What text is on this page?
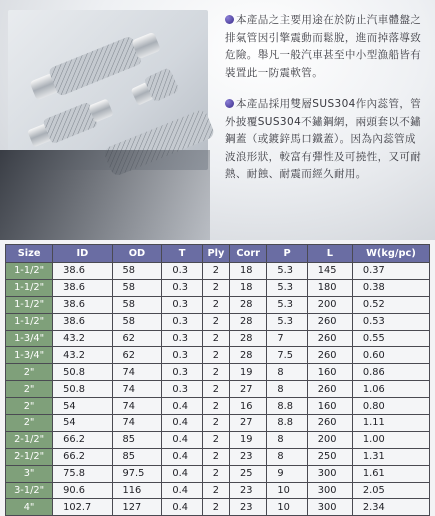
本產品之主要用途在於防止汽車體盤之排氣管因引擎震動而鬆脫，進而掉落導致危險。舉凡一般汽車甚至中小型漁船皆有裝置此一防震軟管。

本產品採用雙層SUS304作內蕊管，管外披覆SUS304不鏽鋼網，兩頭套以不鏽鋼蓋（或鍍鋅馬口鐵蓋）。因為內蕊管成波浪形狀，較富有彈性及可撓性，又可耐熱、耐蝕、耐震而經久耐用。

Size	ID	OD	T	Ply	Corr	P	L	W(kg/pc)
1-1/2"	38.6	58	0.3	2	18	5.3	145	0.37
1-1/2"	38.6	58	0.3	2	18	5.3	180	0.38
1-1/2"	38.6	58	0.3	2	28	5.3	200	0.52
1-1/2"	38.6	58	0.3	2	28	5.3	260	0.53
1-3/4"	43.2	62	0.3	2	28	7	260	0.55
1-3/4"	43.2	62	0.3	2	28	7.5	260	0.60
2"	50.8	74	0.3	2	19	8	160	0.86
2"	50.8	74	0.3	2	27	8	260	1.06
2"	54	74	0.4	2	16	8.8	160	0.80
2"	54	74	0.4	2	27	8.8	260	1.11
2-1/2"	66.2	85	0.4	2	19	8	200	1.00
2-1/2"	66.2	85	0.4	2	23	8	250	1.31
3"	75.8	97.5	0.4	2	25	9	300	1.61
3-1/2"	90.6	116	0.4	2	23	10	300	2.05
4"	102.7	127	0.4	2	23	10	300	2.34
